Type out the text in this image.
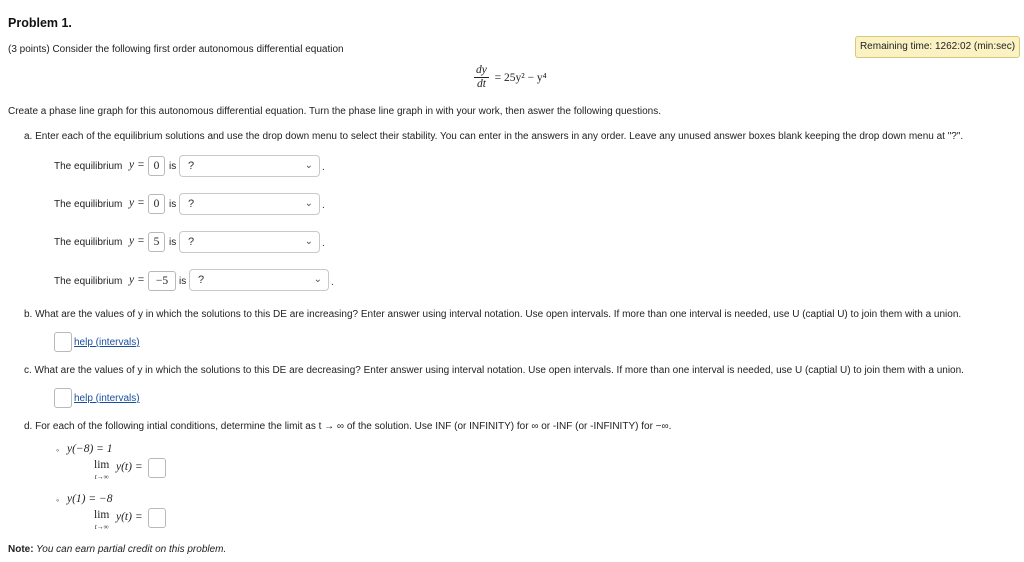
Problem 1.
(3 points) Consider the following first order autonomous differential equation	Remaining time: 1262:02 (min:sec)
$\frac{dy}{dt} = 25y^2 - y^4$
Create a phase line graph for this autonomous differential equation. Turn the phase line graph in with your work, then aswer the following questions.
a. Enter each of the equilibrium solutions and use the drop down menu to select their stability. You can enter in the answers in any order. Leave any unused answer boxes blank keeping the drop down menu at "?".
The equilibrium y = 0 is	?	⌄ .
The equilibrium y = 0 is	?	⌄ .
The equilibrium y = 5 is	?	⌄ .
The equilibrium y = −5	is	?	⌄ .
b. What are the values of y in which the solutions to this DE are increasing? Enter answer using interval notation. Use open intervals. If more than one interval is needed, use U (captial U) to join them with a union.
help (intervals)
c. What are the values of y in which the solutions to this DE are decreasing? Enter answer using interval notation. Use open intervals. If more than one interval is needed, use U (captial U) to join them with a union.
help (intervals)
d. For each of the following intial conditions, determine the limit as t → ∞ of the solution. Use INF (or INFINITY) for ∞ or -INF (or -INFINITY) for −∞.
◦ y(−8) = 1
lim
t→∞
y(t) =
◦ y(1) = −8
lim
t→∞
y(t) =
Note: You can earn partial credit on this problem.
